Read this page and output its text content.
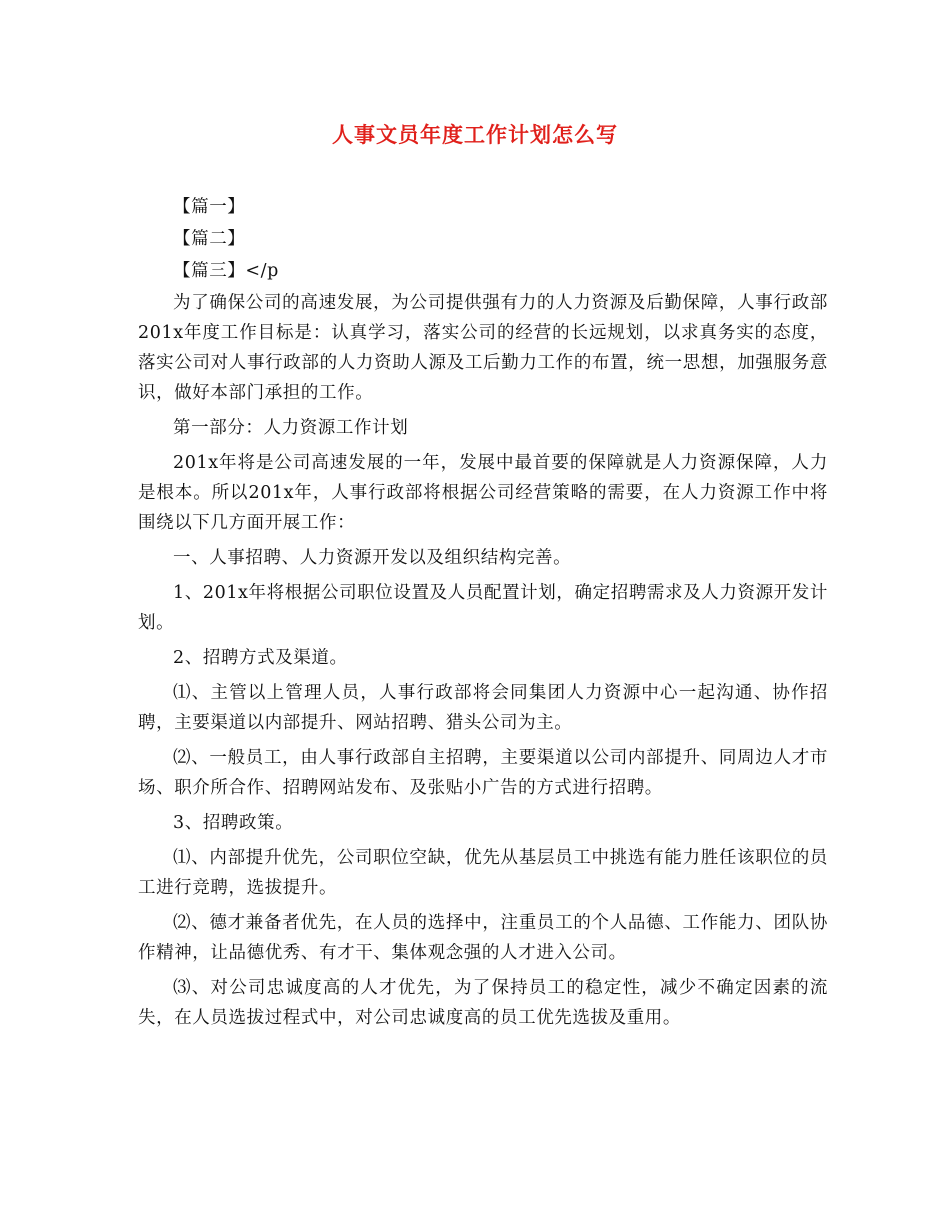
人事文员年度工作计划怎么写

【篇一】

【篇二】

【篇三】</p

为了确保公司的高速发展，为公司提供强有力的人力资源及后勤保障，人事行政部201x年度工作目标是：认真学习，落实公司的经营的长远规划，以求真务实的态度，落实公司对人事行政部的人力资助人源及工后勤力工作的布置，统一思想，加强服务意识，做好本部门承担的工作。

第一部分：人力资源工作计划

201x年将是公司高速发展的一年，发展中最首要的保障就是人力资源保障，人力是根本。所以201x年，人事行政部将根据公司经营策略的需要，在人力资源工作中将围绕以下几方面开展工作：

一、人事招聘、人力资源开发以及组织结构完善。

1、201x年将根据公司职位设置及人员配置计划，确定招聘需求及人力资源开发计划。

2、招聘方式及渠道。

⑴、主管以上管理人员，人事行政部将会同集团人力资源中心一起沟通、协作招聘，主要渠道以内部提升、网站招聘、猎头公司为主。

⑵、一般员工，由人事行政部自主招聘，主要渠道以公司内部提升、同周边人才市场、职介所合作、招聘网站发布、及张贴小广告的方式进行招聘。

3、招聘政策。

⑴、内部提升优先，公司职位空缺，优先从基层员工中挑选有能力胜任该职位的员工进行竞聘，选拔提升。

⑵、德才兼备者优先，在人员的选择中，注重员工的个人品德、工作能力、团队协作精神，让品德优秀、有才干、集体观念强的人才进入公司。

⑶、对公司忠诚度高的人才优先，为了保持员工的稳定性，减少不确定因素的流失，在人员选拔过程式中，对公司忠诚度高的员工优先选拔及重用。
